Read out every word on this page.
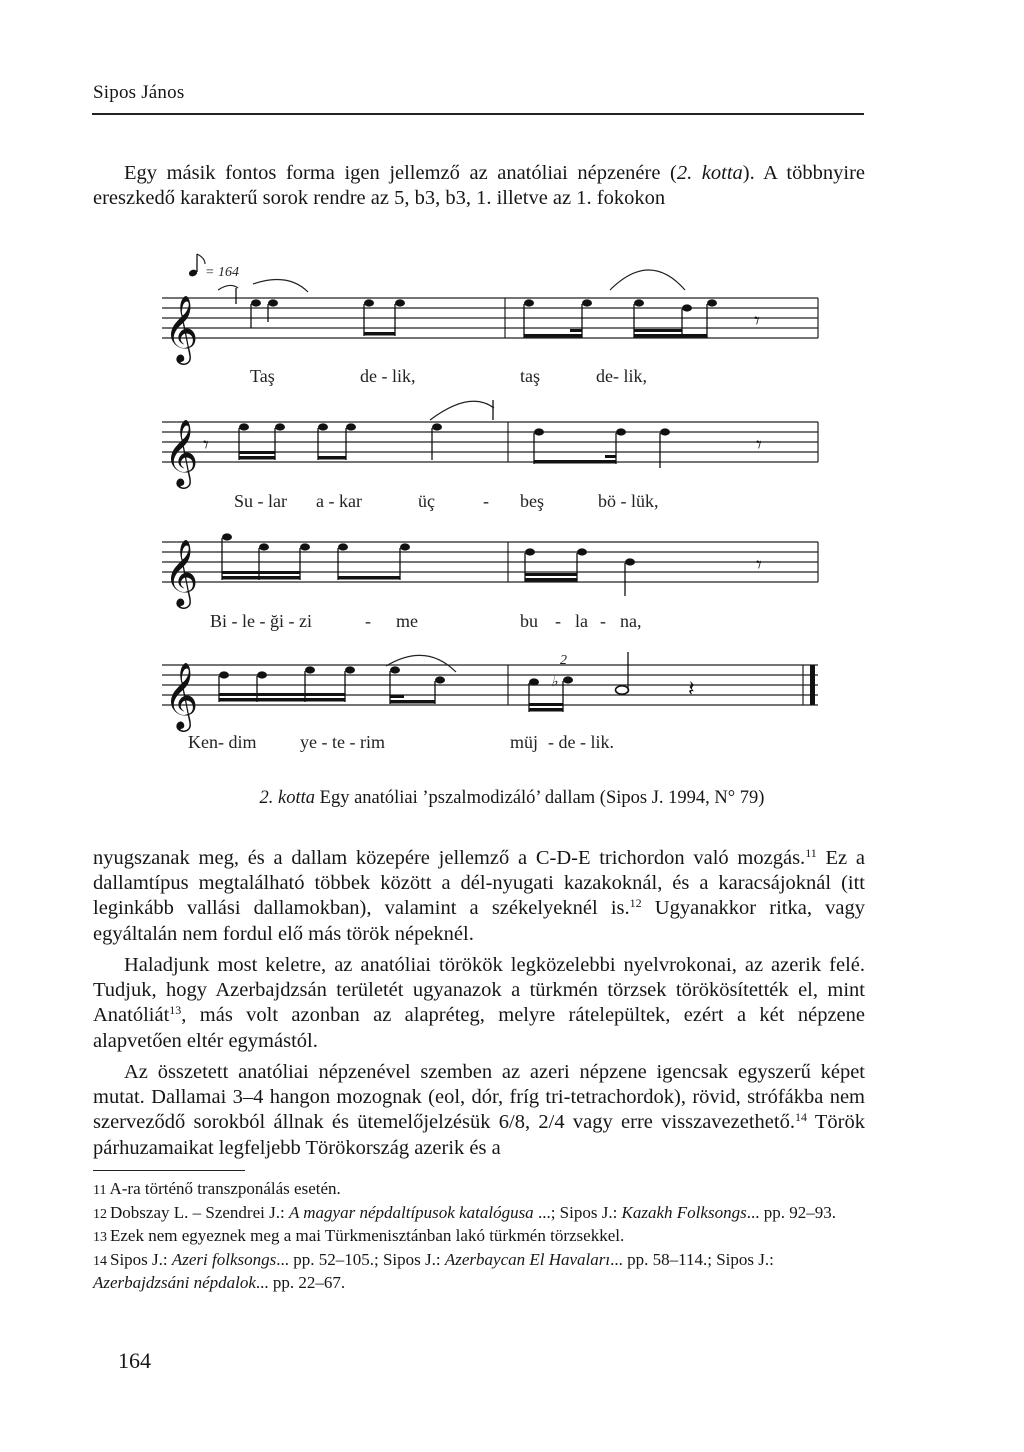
Sipos János

Egy másik fontos forma igen jellemző az anatóliai népzenére (2. kotta). A többnyire ereszkedő karakterű sorok rendre az 5, b3, b3, 1. illetve az 1. fokokon

= 164
𝄞	𝄾
Taş	de - lik,	taş	de- lik,
𝄞 𝄾	𝄾
Su - lar a - kar	üç	- beş	bö - lük,
𝄞	𝄾
Bi - le - ği - zi	- me	bu - la - na,
𝄞
2
♭	𝄽
Ken- dim ye - te - rim	müj - de - lik.
2. kotta Egy anatóliai ’pszalmodizáló’ dallam (Sipos J. 1994, N° 79)

nyugszanak meg, és a dallam közepére jellemző a C-D-E trichordon való mozgás.$^{11}$ Ez a dallamtípus megtalálható többek között a dél-nyugati kazakoknál, és a karacsájoknál (itt leginkább vallási dallamokban), valamint a székelyeknél is.$^{12}$ Ugyanakkor ritka, vagy egyáltalán nem fordul elő más török népeknél.

Haladjunk most keletre, az anatóliai törökök legközelebbi nyelvrokonai, az azerik felé. Tudjuk, hogy Azerbajdzsán területét ugyanazok a türkmén törzsek törökösítették el, mint Anatóliát$^{13}$, más volt azonban az alapréteg, melyre rátelepültek, ezért a két népzene alapvetően eltér egymástól.

Az összetett anatóliai népzenével szemben az azeri népzene igencsak egyszerű képet mutat. Dallamai 3–4 hangon mozognak (eol, dór, fríg tri-tetrachordok), rövid, strófákba nem szerveződő sorokból állnak és ütemelőjelzésük 6/8, 2/4 vagy erre visszavezethető.$^{14}$ Török párhuzamaikat legfeljebb Törökország azerik és a

11 A-ra történő transzponálás esetén.

12 Dobszay L. – Szendrei J.: A magyar népdaltípusok katalógusa ...; Sipos J.: Kazakh Folksongs... pp. 92–93.

13 Ezek nem egyeznek meg a mai Türkmenisztánban lakó türkmén törzsekkel.

14 Sipos J.: Azeri folksongs... pp. 52–105.; Sipos J.: Azerbaycan El Havaları... pp. 58–114.; Sipos J.: Azerbajdzsáni népdalok... pp. 22–67.

164
